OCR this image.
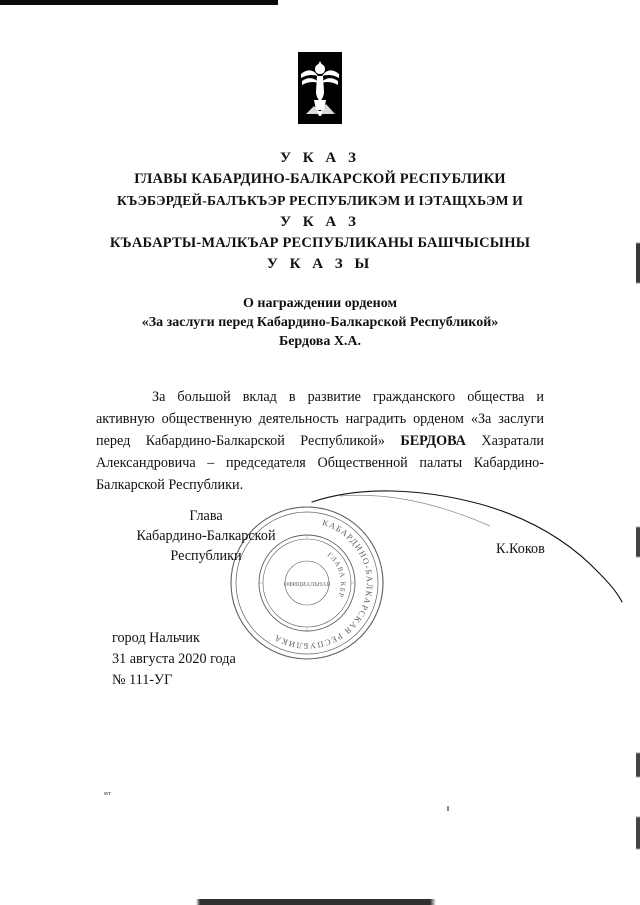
У К А З
ГЛАВЫ КАБАРДИНО-БАЛКАРСКОЙ РЕСПУБЛИКИ
КЪЭБЭРДЕЙ-БАЛЪКЪЭР РЕСПУБЛИКЭМ И IЭТАЩХЬЭМ И
У К А З
КЪАБАРТЫ-МАЛКЪАР РЕСПУБЛИКАНЫ БАШЧЫСЫНЫ
У К А З Ы
О награждении орденом
«За заслуги перед Кабардино-Балкарской Республикой»
Бердова Х.А.

За большой вклад в развитие гражданского общества и активную общественную деятельность наградить орденом «За заслуги перед Кабардино-Балкарской Республикой» БЕРДОВА Хазратали Александровича – председателя Общественной палаты Кабардино-Балкарской Республики.

Глава
Кабардино-Балкарской
Республики	К.Коков
КАБАРДИНО-БАЛКАРСКАЯ РЕСПУБЛИКА
ГЛАВА КБР
ОФИЦИАЛЬНАЯ
город Нальчик
31 августа 2020 года
№ 111-УГ
мт
